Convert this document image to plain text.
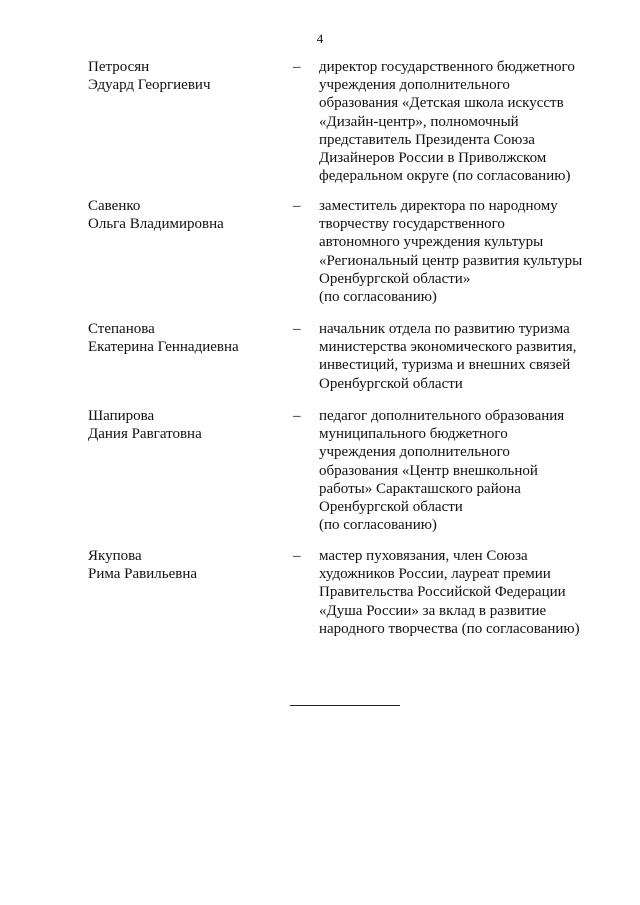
4
Петросян
Эдуард Георгиевич
– директор государственного бюджетного
учреждения дополнительного
образования «Детская школа искусств
«Дизайн-центр», полномочный
представитель Президента Союза
Дизайнеров России в Приволжском
федеральном округе (по согласованию)
Савенко
Ольга Владимировна
– заместитель директора по народному
творчеству государственного
автономного учреждения культуры
«Региональный центр развития культуры
Оренбургской области»
(по согласованию)
Степанова
Екатерина Геннадиевна
– начальник отдела по развитию туризма
министерства экономического развития,
инвестиций, туризма и внешних связей
Оренбургской области
Шапирова
Дания Равгатовна
– педагог дополнительного образования
муниципального бюджетного
учреждения дополнительного
образования «Центр внешкольной
работы» Саракташского района
Оренбургской области
(по согласованию)
Якупова
Рима Равильевна
– мастер пуховязания, член Союза
художников России, лауреат премии
Правительства Российской Федерации
«Душа России» за вклад в развитие
народного творчества (по согласованию)
